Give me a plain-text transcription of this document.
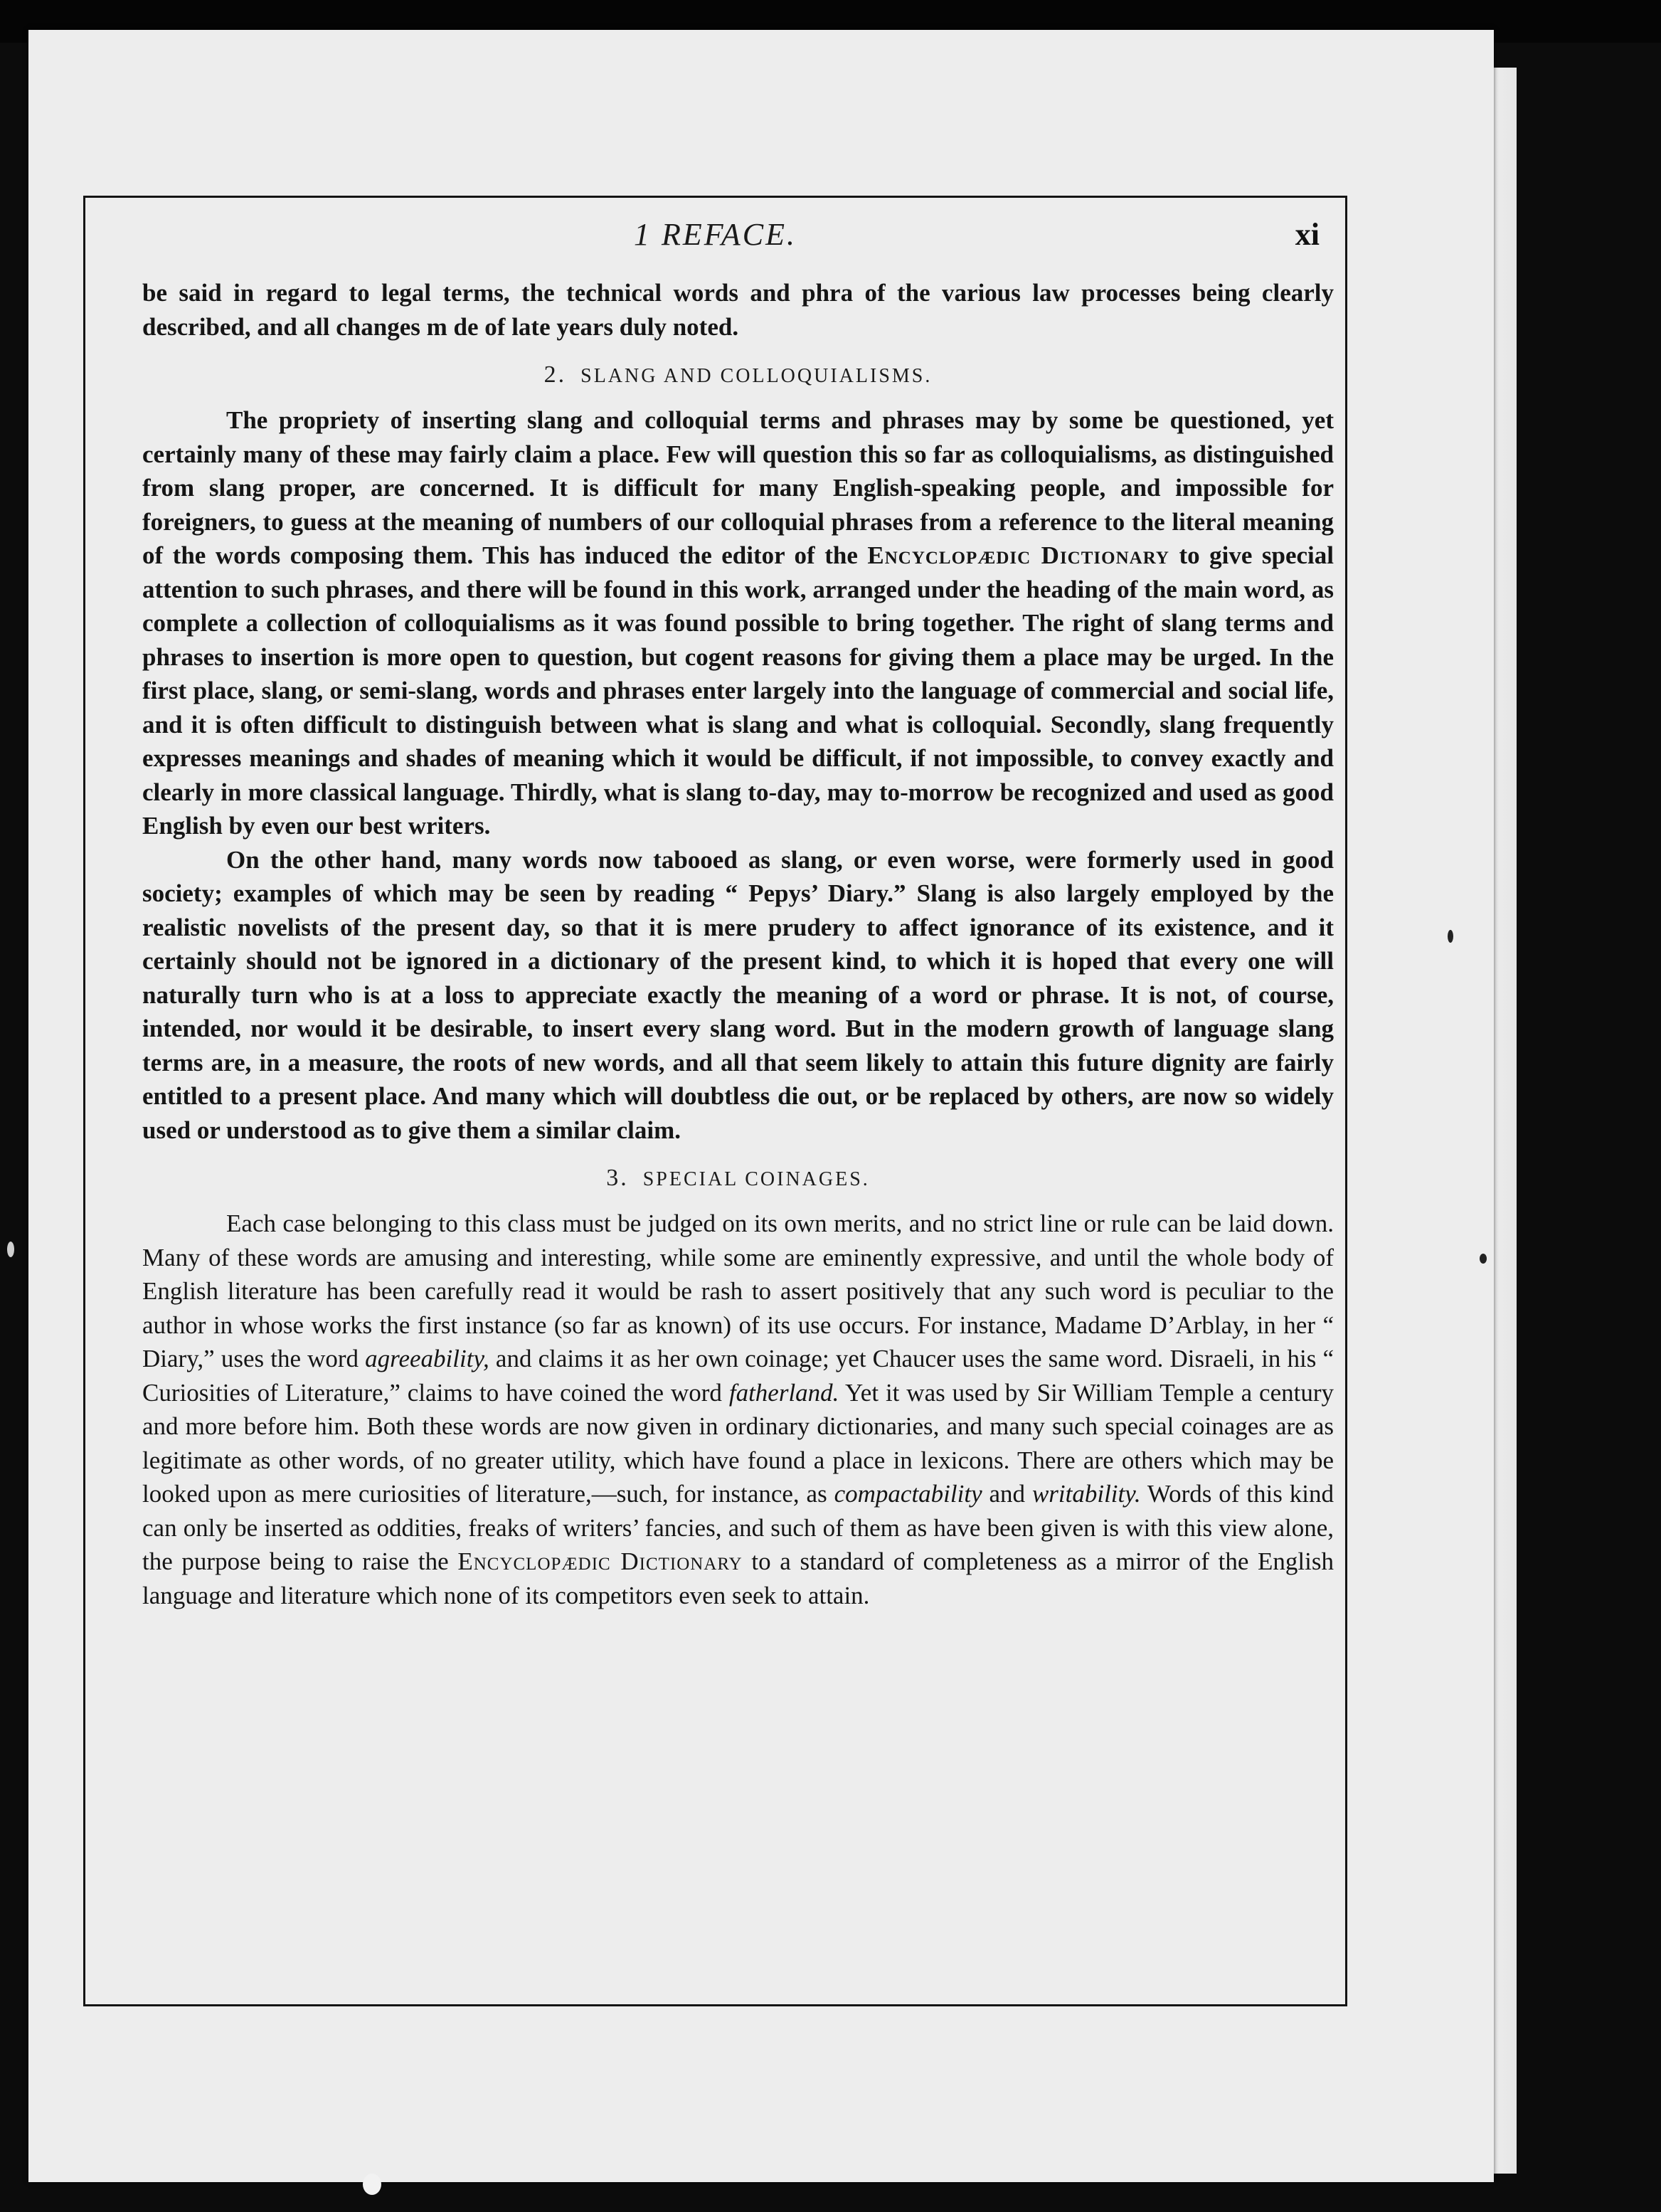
1 REFACE.	xi

be said in regard to legal terms, the technical words and phra of the various law processes being clearly described, and all changes m de of late years duly noted.

2. SLANG AND COLLOQUIALISMS.

The propriety of inserting slang and colloquial terms and phrases may by some be questioned, yet certainly many of these may fairly claim a place. Few will question this so far as colloquialisms, as distinguished from slang proper, are concerned. It is difficult for many English-speaking people, and impossible for foreigners, to guess at the meaning of numbers of our colloquial phrases from a reference to the literal meaning of the words composing them. This has induced the editor of the Encyclopædic Dictionary to give special attention to such phrases, and there will be found in this work, arranged under the heading of the main word, as complete a collection of colloquialisms as it was found possible to bring together. The right of slang terms and phrases to insertion is more open to question, but cogent reasons for giving them a place may be urged. In the first place, slang, or semi-slang, words and phrases enter largely into the language of commercial and social life, and it is often difficult to distinguish between what is slang and what is colloquial. Secondly, slang frequently expresses meanings and shades of meaning which it would be difficult, if not impossible, to convey exactly and clearly in more classical language. Thirdly, what is slang to-day, may to-morrow be recognized and used as good English by even our best writers.

On the other hand, many words now tabooed as slang, or even worse, were formerly used in good society; examples of which may be seen by reading “ Pepys’ Diary.” Slang is also largely employed by the realistic novelists of the present day, so that it is mere prudery to affect ignorance of its existence, and it certainly should not be ignored in a dictionary of the present kind, to which it is hoped that every one will naturally turn who is at a loss to appreciate exactly the meaning of a word or phrase. It is not, of course, intended, nor would it be desirable, to insert every slang word. But in the modern growth of language slang terms are, in a measure, the roots of new words, and all that seem likely to attain this future dignity are fairly entitled to a present place. And many which will doubtless die out, or be replaced by others, are now so widely used or understood as to give them a similar claim.

3. SPECIAL COINAGES.

Each case belonging to this class must be judged on its own merits, and no strict line or rule can be laid down. Many of these words are amusing and interesting, while some are eminently expressive, and until the whole body of English literature has been carefully read it would be rash to assert positively that any such word is peculiar to the author in whose works the first instance (so far as known) of its use occurs. For instance, Madame D’Arblay, in her “ Diary,” uses the word agreeability, and claims it as her own coinage; yet Chaucer uses the same word. Disraeli, in his “ Curiosities of Literature,” claims to have coined the word fatherland. Yet it was used by Sir William Temple a century and more before him. Both these words are now given in ordinary dictionaries, and many such special coinages are as legitimate as other words, of no greater utility, which have found a place in lexicons. There are others which may be looked upon as mere curiosities of literature,—such, for instance, as compactability and writability. Words of this kind can only be inserted as oddities, freaks of writers’ fancies, and such of them as have been given is with this view alone, the purpose being to raise the Encyclopædic Dictionary to a standard of completeness as a mirror of the English language and literature which none of its competitors even seek to attain.
